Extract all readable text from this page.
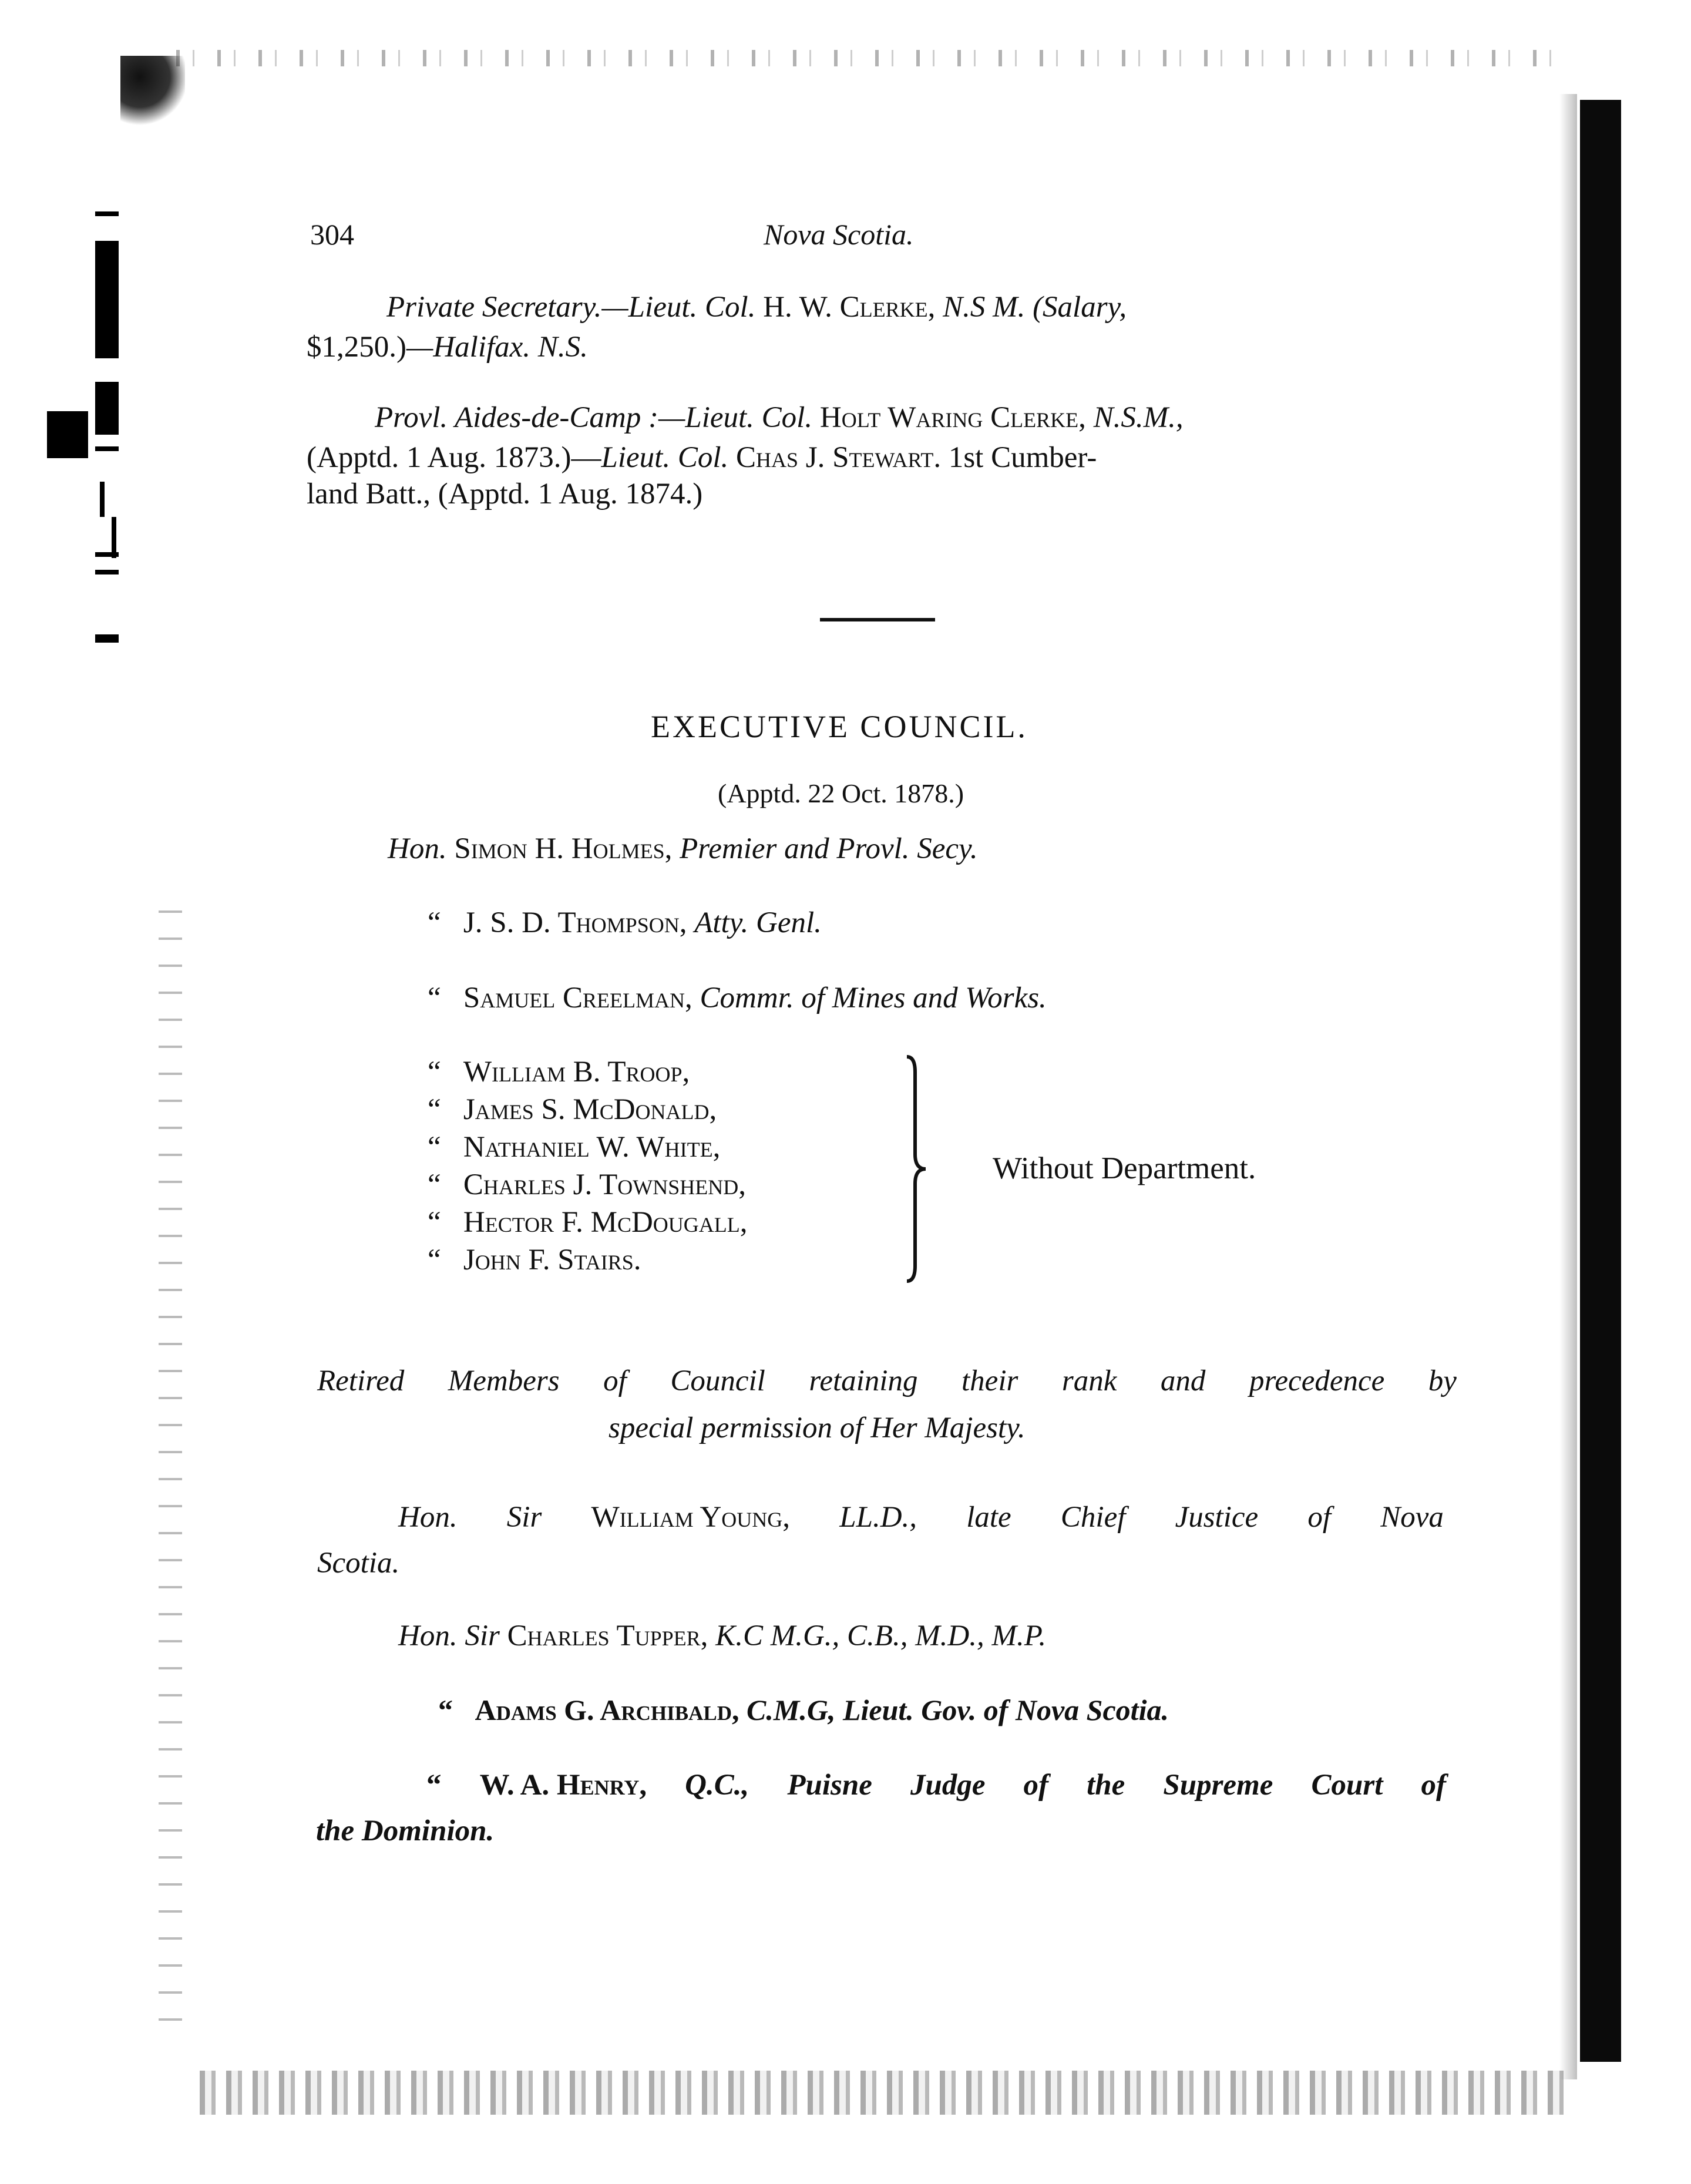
304	Nova Scotia.
Private Secretary.—Lieut. Col. H. W. Clerke, N.S M. (Salary,
$1,250.)—Halifax. N.S.
Provl. Aides-de-Camp :—Lieut. Col. Holt Waring Clerke, N.S.M.,
(Apptd. 1 Aug. 1873.)—Lieut. Col. Chas J. Stewart. 1st Cumber-
land Batt., (Apptd. 1 Aug. 1874.)
EXECUTIVE COUNCIL.
(Apptd. 22 Oct. 1878.)
Hon. Simon H. Holmes, Premier and Provl. Secy.
“ J. S. D. Thompson, Atty. Genl.
“ Samuel Creelman, Commr. of Mines and Works.
“ William B. Troop,
“ James S. McDonald,
“ Nathaniel W. White,
“ Charles J. Townshend,
“ Hector F. McDougall,
“ John F. Stairs.
Without Department.
Retired Members of Council retaining their rank and precedence by
special permission of Her Majesty.
Hon. Sir William Young, LL.D., late Chief Justice of Nova
Scotia.
Hon. Sir Charles Tupper, K.C M.G., C.B., M.D., M.P.
“ Adams G. Archibald, C.M.G, Lieut. Gov. of Nova Scotia.
“ W. A. Henry, Q.C., Puisne Judge of the Supreme Court of
the Dominion.
